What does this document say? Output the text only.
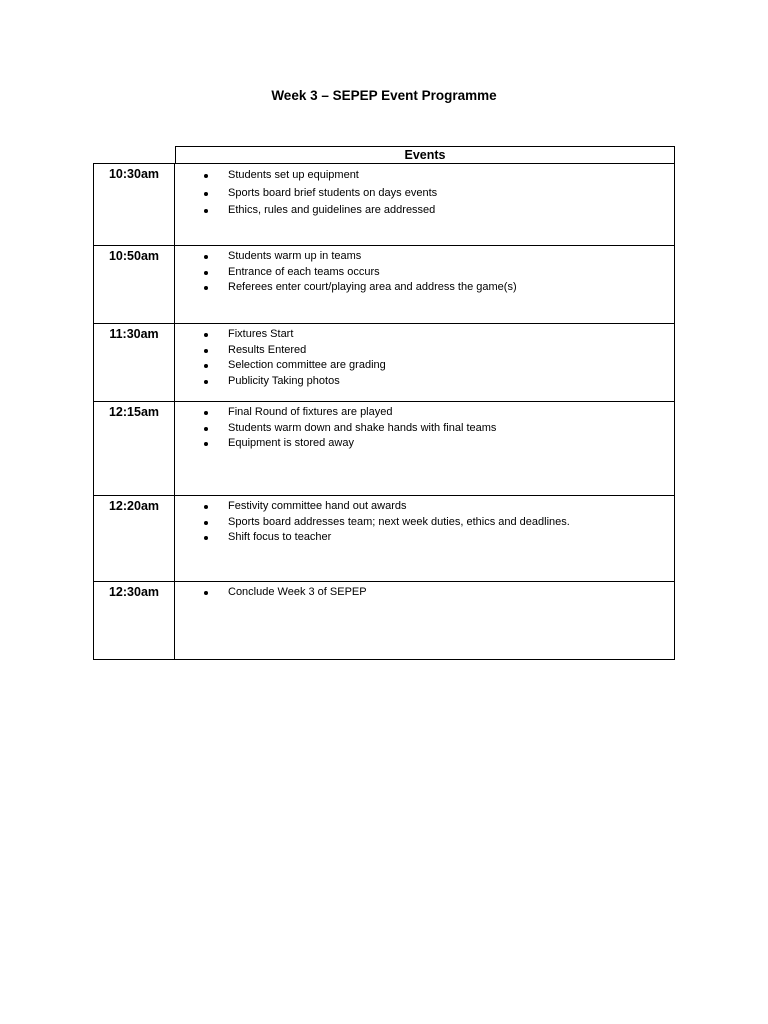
Week 3 – SEPEP Event Programme
Events
10:30am	Students set up equipment
Sports board brief students on days events
Ethics, rules and guidelines are addressed
10:50am	Students warm up in teams
Entrance of each teams occurs
Referees enter court/playing area and address the game(s)
11:30am	Fixtures Start
Results Entered
Selection committee are grading
Publicity Taking photos
12:15am	Final Round of fixtures are played
Students warm down and shake hands with final teams
Equipment is stored away
12:20am	Festivity committee hand out awards
Sports board addresses team; next week duties, ethics and deadlines.
Shift focus to teacher
12:30am	Conclude Week 3 of SEPEP
